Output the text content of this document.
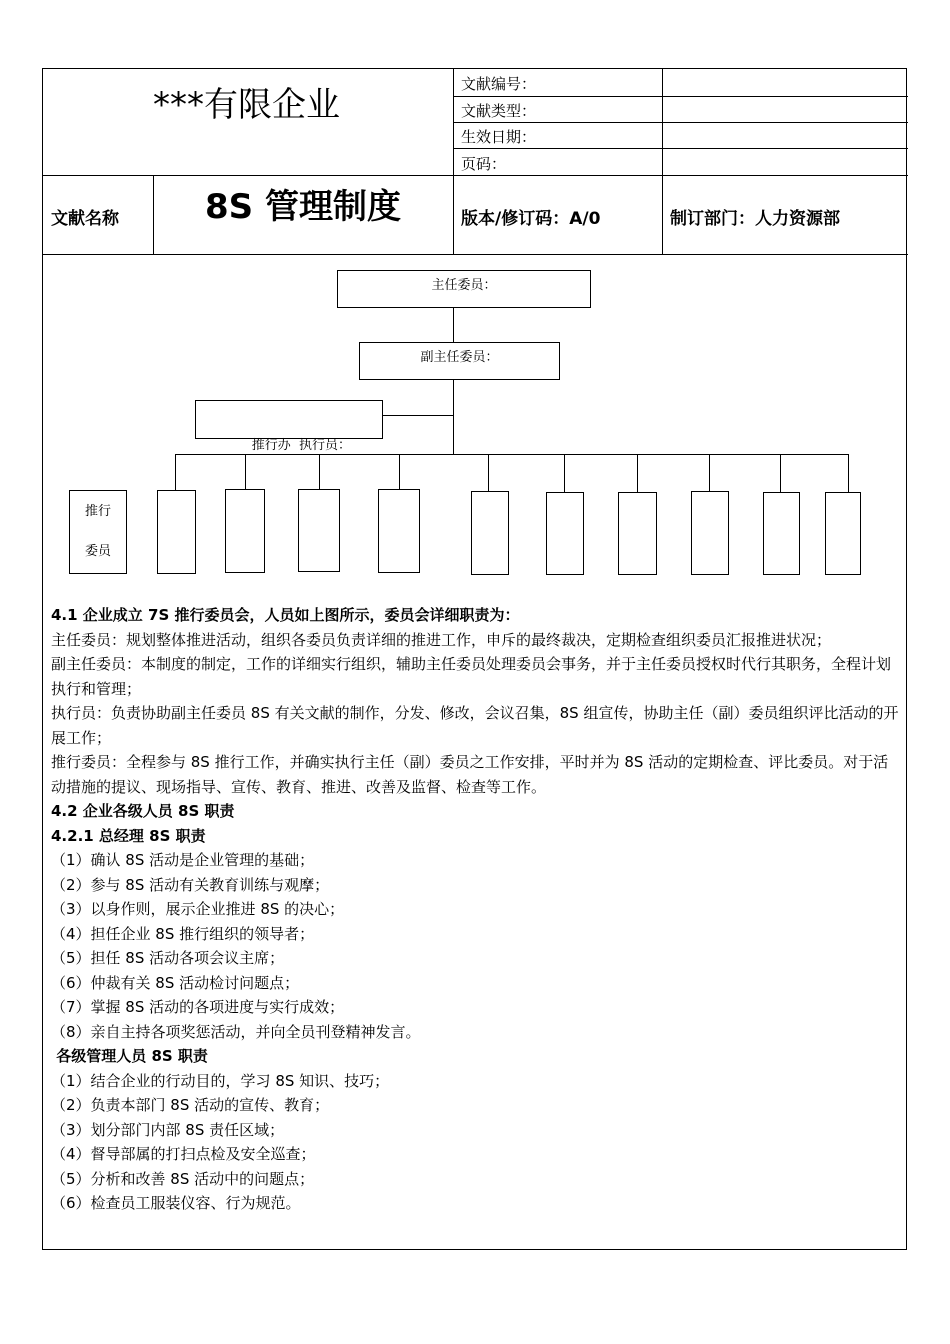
***有限企业
文献编号：
文献类型：
生效日期：
页码：
文献名称	8S 管理制度	版本/修订码：A/0	制订部门：人力资源部
主任委员：
副主任委员：

推行办  执行员：

推行
委员

4.1 企业成立 7S 推行委员会，人员如上图所示，委员会详细职责为：

主任委员：规划整体推进活动，组织各委员负责详细的推进工作，申斥的最终裁决，定期检查组织委员汇报推进状况；

副主任委员：本制度的制定，工作的详细实行组织，辅助主任委员处理委员会事务，并于主任委员授权时代行其职务，全程计划执行和管理；

执行员：负责协助副主任委员 8S 有关文献的制作，分发、修改，会议召集，8S 组宣传，协助主任（副）委员组织评比活动的开展工作；

推行委员：全程参与 8S 推行工作，并确实执行主任（副）委员之工作安排，平时并为 8S 活动的定期检查、评比委员。对于活动措施的提议、现场指导、宣传、教育、推进、改善及监督、检查等工作。

4.2 企业各级人员 8S 职责

4.2.1 总经理 8S 职责

（1）确认 8S 活动是企业管理的基础；

（2）参与 8S 活动有关教育训练与观摩；

（3）以身作则，展示企业推进 8S 的决心；

（4）担任企业 8S 推行组织的领导者；

（5）担任 8S 活动各项会议主席；

（6）仲裁有关 8S 活动检讨问题点；

（7）掌握 8S 活动的各项进度与实行成效；

（8）亲自主持各项奖惩活动，并向全员刊登精神发言。

各级管理人员 8S 职责

（1）结合企业的行动目的，学习 8S 知识、技巧；

（2）负责本部门 8S 活动的宣传、教育；

（3）划分部门内部 8S 责任区域；

（4）督导部属的打扫点检及安全巡查；

（5）分析和改善 8S 活动中的问题点；

（6）检查员工服装仪容、行为规范。
